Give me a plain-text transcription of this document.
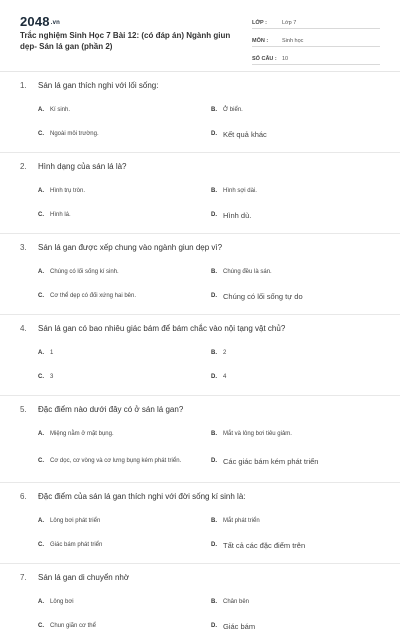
2048.vn
Trắc nghiệm Sinh Học 7 Bài 12: (có đáp án) Ngành giun dẹp- Sán lá gan (phần 2)
LỚP :	Lớp 7
MÔN :	Sinh học
SỐ CÂU : 10
1.	Sán lá gan thích nghi với lối sống:
A.	Kí sinh.	B.	Ở biển.
C.	Ngoài môi trường.	D. Kết quả khác
2.	Hình dạng của sán lá là?
A.	Hình trụ tròn.	B.	Hình sợi dài.
C.	Hình lá.	D. Hình dù.
3.	Sán lá gan được xếp chung vào ngành giun dẹp vì?
A.	Chúng có lối sống kí sinh.	B.	Chúng đều là sán.
C.	Cơ thể dẹp có đối xứng hai bên.	D. Chúng có lối sống tự do
4.	Sán lá gan có bao nhiêu giác bám để bám chắc vào nội tạng vật chủ?
A.	1	B.	2
C.	3	D.	4
5.	Đặc điểm nào dưới đây có ở sán lá gan?
A.	Miệng nằm ở mặt bụng.	B.	Mắt và lông bơi tiêu giảm.
C.	Cơ dọc, cơ vòng và cơ lưng bụng kém phát triển.	D. Các giác bám kém phát triển
6.	Đặc điểm của sán lá gan thích nghi với đời sống kí sinh là:
A.	Lông bơi phát triển	B.	Mắt phát triển
C.	Giác bám phát triển	D. Tất cả các đặc điểm trên
7.	Sán lá gan di chuyển nhờ
A.	Lông bơi	B.	Chân bên
C.	Chun giãn cơ thể	D. Giác bám
